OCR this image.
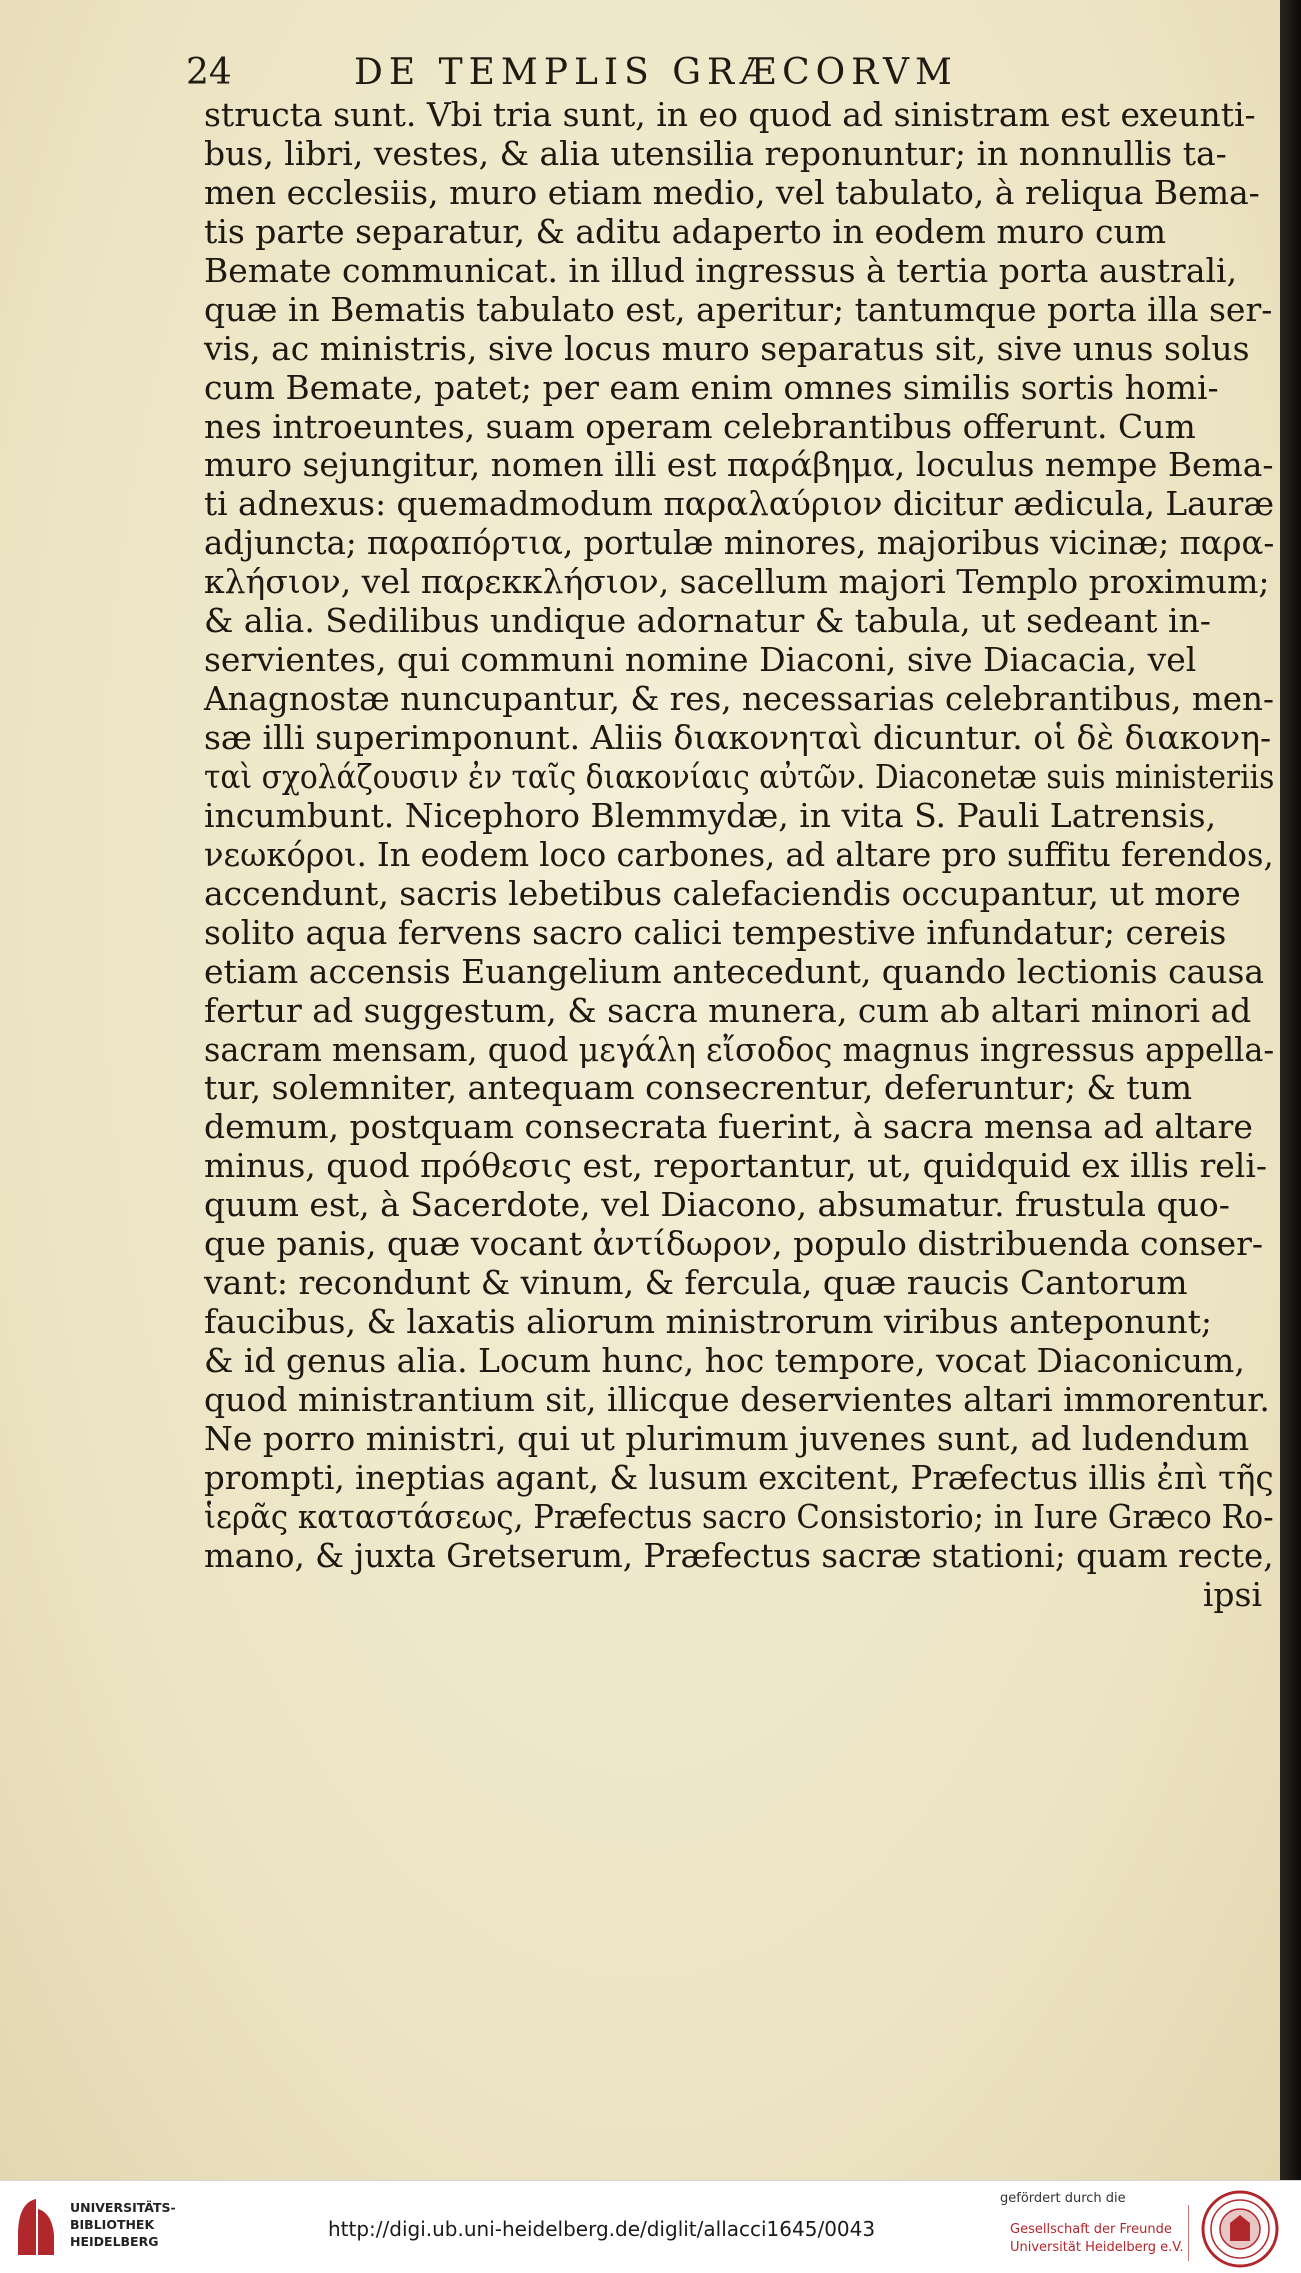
24	DE TEMPLIS GRÆCORVM
structa sunt. Vbi tria sunt, in eo quod ad sinistram est exeunti-
bus, libri, vestes, & alia utensilia reponuntur; in nonnullis ta-
men ecclesiis, muro etiam medio, vel tabulato, à reliqua Bema-
tis parte separatur, & aditu adaperto in eodem muro cum
Bemate communicat. in illud ingressus à tertia porta australi,
quæ in Bematis tabulato est, aperitur; tantumque porta illa ser-
vis, ac ministris, sive locus muro separatus sit, sive unus solus
cum Bemate, patet; per eam enim omnes similis sortis homi-
nes introeuntes, suam operam celebrantibus offerunt. Cum
muro sejungitur, nomen illi est παράβημα, loculus nempe Bema-
ti adnexus: quemadmodum παραλαύριον dicitur ædicula, Lauræ
adjuncta; παραπόρτια, portulæ minores, majoribus vicinæ; παρα-
κλήσιον, vel παρεκκλήσιον, sacellum majori Templo proximum;
& alia. Sedilibus undique adornatur & tabula, ut sedeant in-
servientes, qui communi nomine Diaconi, sive Diacacia, vel
Anagnostæ nuncupantur, & res, necessarias celebrantibus, men-
sæ illi superimponunt. Aliis διακονηταὶ dicuntur. οἱ δὲ διακονη-
ταὶ σχολάζουσιν ἐν ταῖς διακονίαις αὐτῶν. Diaconetæ suis ministeriis
incumbunt. Nicephoro Blemmydæ, in vita S. Pauli Latrensis,
νεωκόροι. In eodem loco carbones, ad altare pro suffitu ferendos,
accendunt, sacris lebetibus calefaciendis occupantur, ut more
solito aqua fervens sacro calici tempestive infundatur; cereis
etiam accensis Euangelium antecedunt, quando lectionis causa
fertur ad suggestum, & sacra munera, cum ab altari minori ad
sacram mensam, quod μεγάλη εἴσοδος magnus ingressus appella-
tur, solemniter, antequam consecrentur, deferuntur; & tum
demum, postquam consecrata fuerint, à sacra mensa ad altare
minus, quod πρόθεσις est, reportantur, ut, quidquid ex illis reli-
quum est, à Sacerdote, vel Diacono, absumatur. frustula quo-
que panis, quæ vocant ἀντίδωρον, populo distribuenda conser-
vant: recondunt & vinum, & fercula, quæ raucis Cantorum
faucibus, & laxatis aliorum ministrorum viribus anteponunt;
& id genus alia. Locum hunc, hoc tempore, vocat Diaconicum,
quod ministrantium sit, illicque deservientes altari immorentur.
Ne porro ministri, qui ut plurimum juvenes sunt, ad ludendum
prompti, ineptias agant, & lusum excitent, Præfectus illis ἐπὶ τῆς
ἱερᾶς καταστάσεως, Præfectus sacro Consistorio; in Iure Græco Ro-
mano, & juxta Gretserum, Præfectus sacræ stationi; quam recte,
ipsi
UNIVERSITÄTS-
BIBLIOTHEK
HEIDELBERG
http://digi.ub.uni-heidelberg.de/diglit/allacci1645/0043
gefördert durch die
Gesellschaft der Freunde
Universität Heidelberg e.V.
